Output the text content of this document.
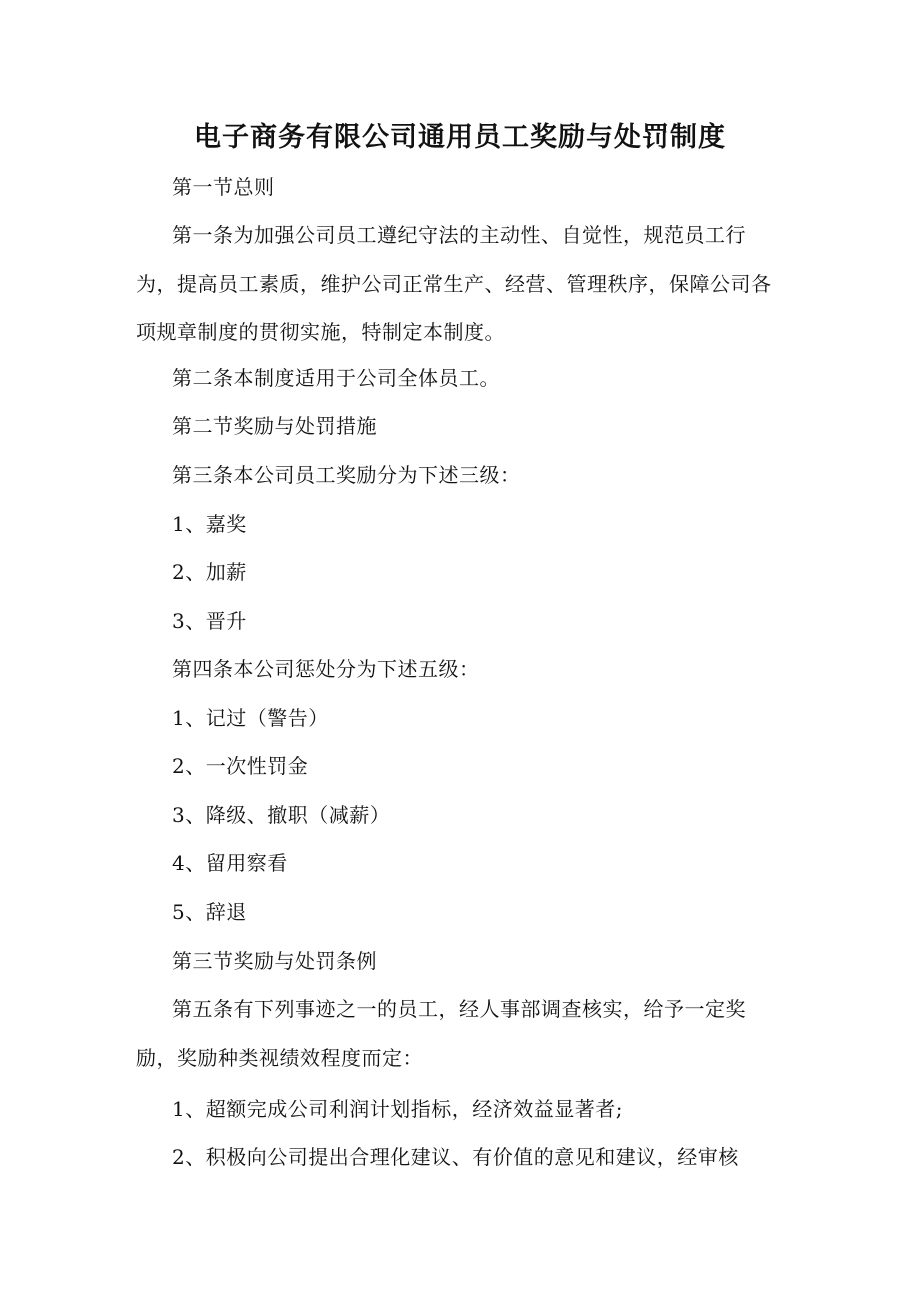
电子商务有限公司通用员工奖励与处罚制度

第一节总则

第一条为加强公司员工遵纪守法的主动性、自觉性，规范员工行为，提高员工素质，维护公司正常生产、经营、管理秩序，保障公司各项规章制度的贯彻实施，特制定本制度。

第二条本制度适用于公司全体员工。

第二节奖励与处罚措施

第三条本公司员工奖励分为下述三级：

1、嘉奖

2、加薪

3、晋升

第四条本公司惩处分为下述五级：

1、记过（警告）

2、一次性罚金

3、降级、撤职（减薪）

4、留用察看

5、辞退

第三节奖励与处罚条例

第五条有下列事迹之一的员工，经人事部调查核实，给予一定奖励，奖励种类视绩效程度而定：

1、超额完成公司利润计划指标，经济效益显著者;

2、积极向公司提出合理化建议、有价值的意见和建议，经审核
